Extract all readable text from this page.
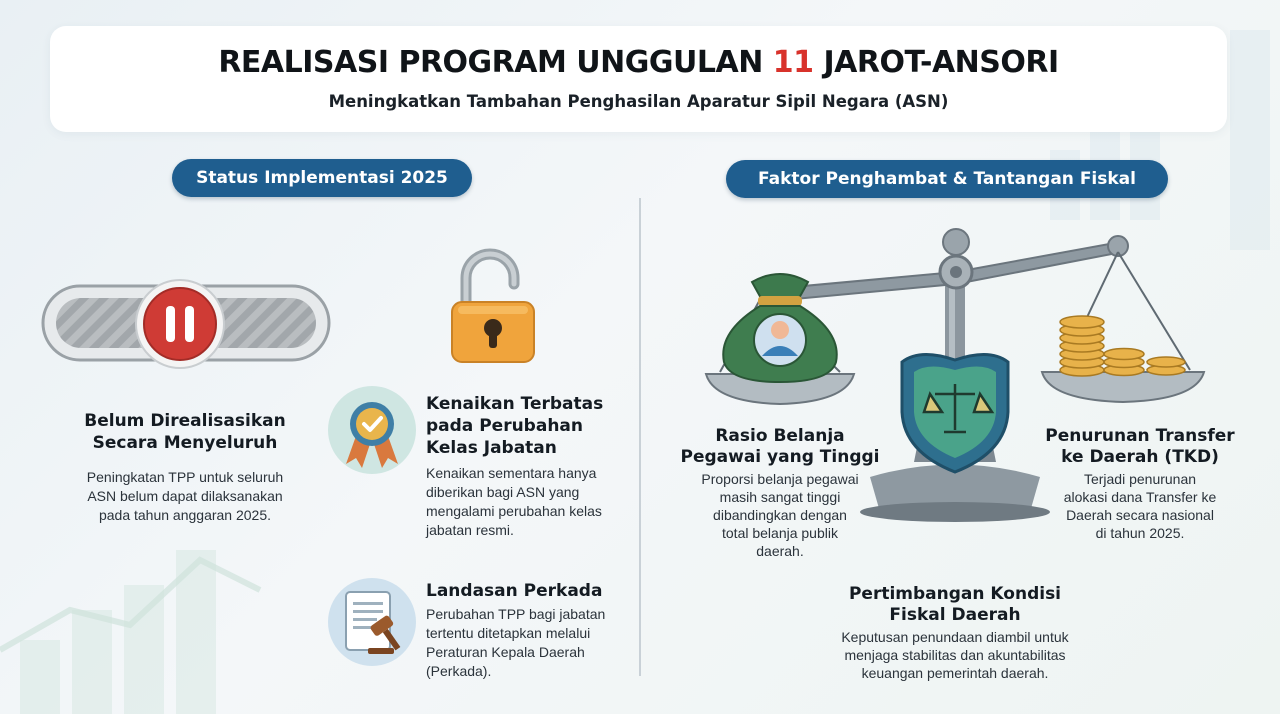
REALISASI PROGRAM UNGGULAN 11 JAROT-ANSORI
Meningkatkan Tambahan Penghasilan Aparatur Sipil Negara (ASN)
Status Implementasi 2025	Faktor Penghambat & Tantangan Fiskal
Belum Direalisasikan
Secara Menyeluruh
Peningkatan TPP untuk seluruh
ASN belum dapat dilaksanakan
pada tahun anggaran 2025.
Kenaikan Terbatas
pada Perubahan
Kelas Jabatan
Kenaikan sementara hanya
diberikan bagi ASN yang
mengalami perubahan kelas
jabatan resmi.
Landasan Perkada
Perubahan TPP bagi jabatan
tertentu ditetapkan melalui
Peraturan Kepala Daerah
(Perkada).
Rasio Belanja
Pegawai yang Tinggi
Proporsi belanja pegawai
masih sangat tinggi
dibandingkan dengan
total belanja publik
daerah.
Penurunan Transfer
ke Daerah (TKD)
Terjadi penurunan
alokasi dana Transfer ke
Daerah secara nasional
di tahun 2025.
Pertimbangan Kondisi
Fiskal Daerah
Keputusan penundaan diambil untuk
menjaga stabilitas dan akuntabilitas
keuangan pemerintah daerah.
